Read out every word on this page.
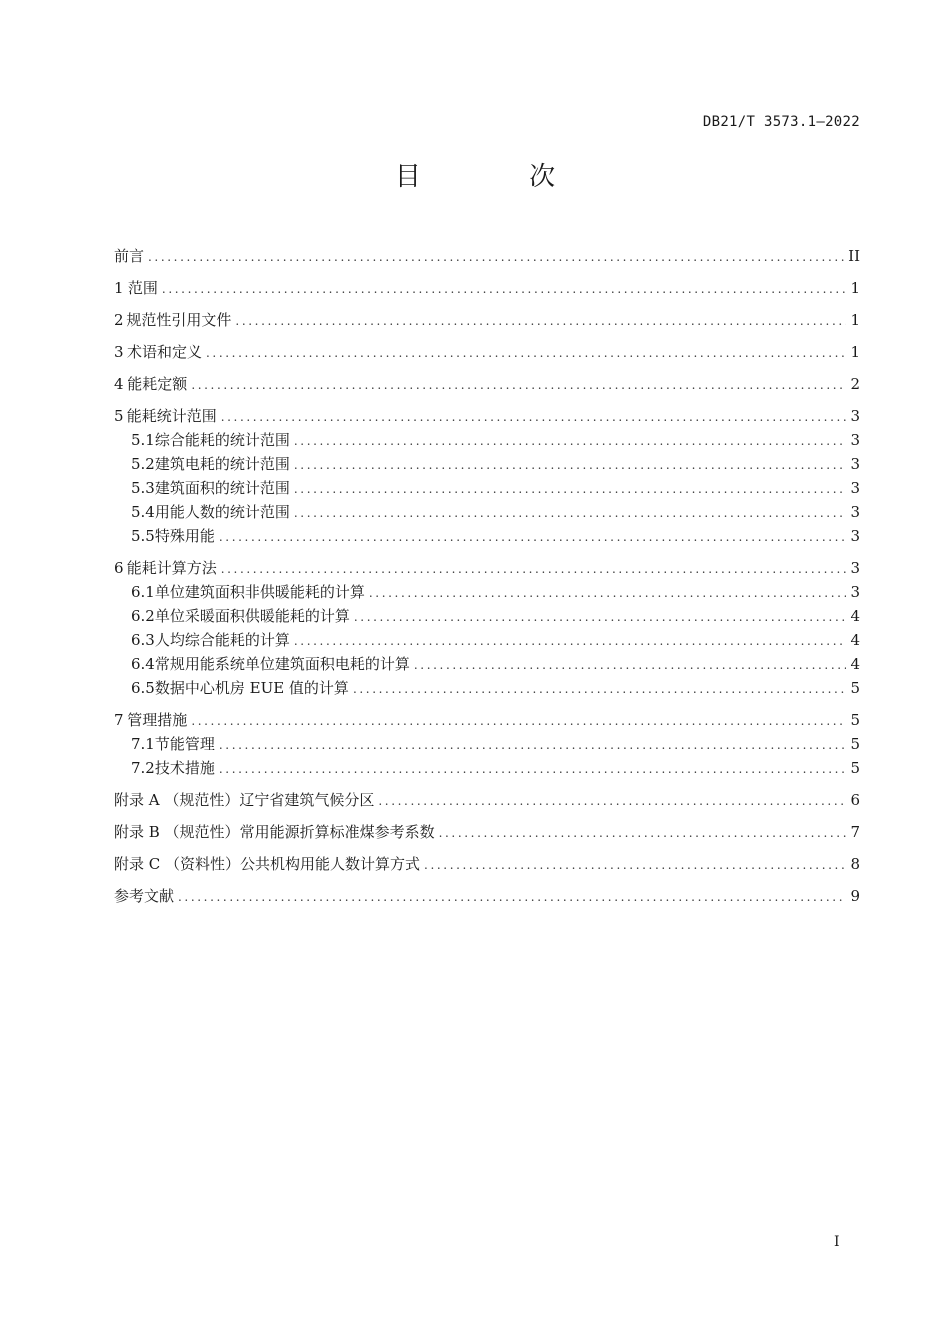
DB21/T 3573.1—2022
目 次
前言 .....	II
1 范围 .....	1
2 规范性引用文件 .....	1
3 术语和定义 .....	1
4 能耗定额 .....	2
5 能耗统计范围 .....	3
5.1 综合能耗的统计范围 .....	3
5.2 建筑电耗的统计范围 .....	3
5.3 建筑面积的统计范围 .....	3
5.4 用能人数的统计范围 .....	3
5.5 特殊用能 .....	3
6 能耗计算方法 .....	3
6.1 单位建筑面积非供暖能耗的计算 .....	3
6.2 单位采暖面积供暖能耗的计算 .....	4
6.3 人均综合能耗的计算 .....	4
6.4 常规用能系统单位建筑面积电耗的计算 .....	4
6.5 数据中心机房 EUE 值的计算 .....	5
7 管理措施 .....	5
7.1 节能管理 .....	5
7.2 技术措施 .....	5
附录 A （规范性） 辽宁省建筑气候分区 .....	6
附录 B （规范性） 常用能源折算标准煤参考系数 .....	7
附录 C （资料性） 公共机构用能人数计算方式 .....	8
参考文献 .....	9
I
